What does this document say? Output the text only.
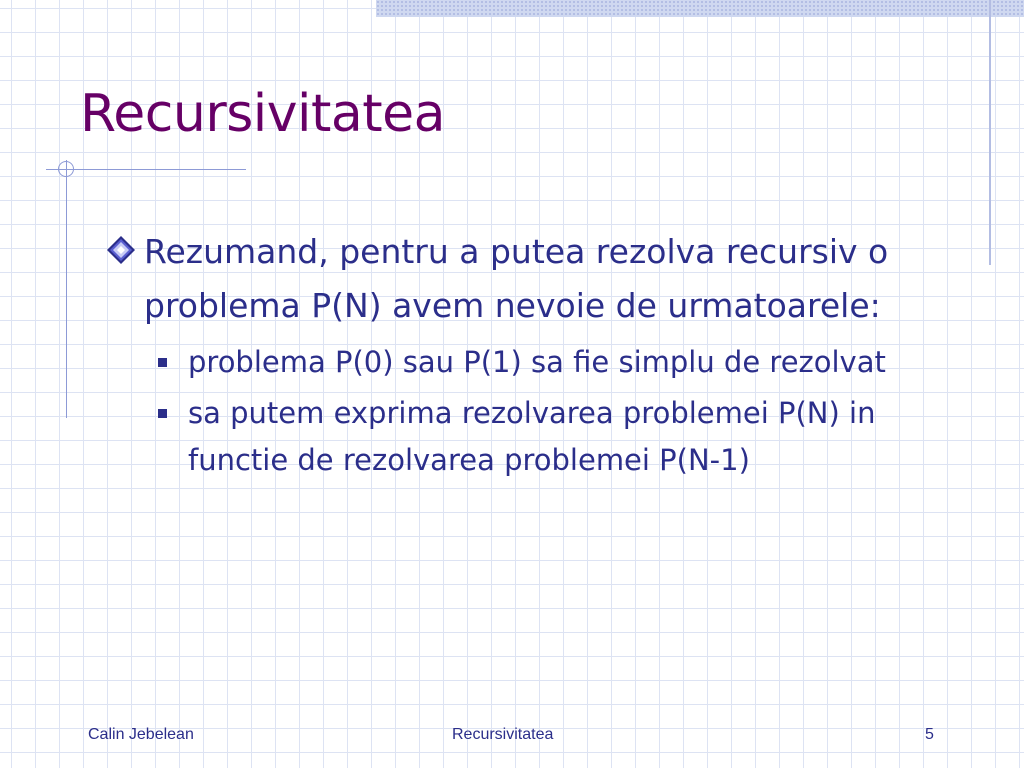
Recursivitatea
Rezumand, pentru a putea rezolva recursiv o problema P(N) avem nevoie de urmatoarele:
problema P(0) sau P(1) sa fie simplu de rezolvat
sa putem exprima rezolvarea problemei P(N) in functie de rezolvarea problemei P(N-1)
Calin Jebelean	Recursivitatea	5
